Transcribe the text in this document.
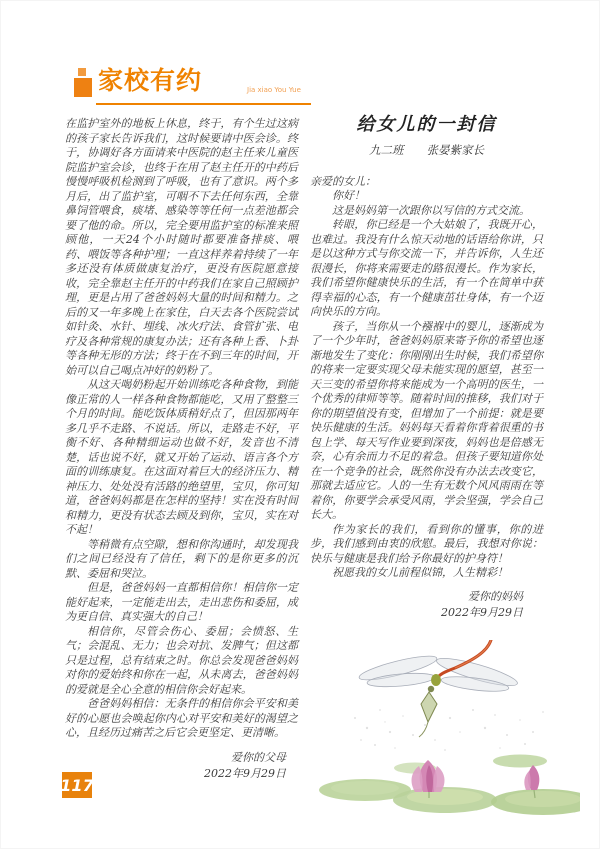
家校有约	Jia xiao You Yue

在监护室外的地板上休息，终于，有个生过这病的孩子家长告诉我们，这时候要请中医会诊。终于，协调好各方面请来中医院的赵主任来儿童医院监护室会诊，也终于在用了赵主任开的中药后慢慢呼吸机检测到了呼吸，也有了意识。两个多月后，出了监护室，可咽不下去任何东西，全靠鼻饲管喂食，痰堵、感染等等任何一点差池都会要了他的命。所以，完全要用监护室的标准来照顾他，一天24个小时随时都要准备排痰、喂药、喂饭等各种护理；一直这样养着持续了一年多还没有体质做康复治疗，更没有医院愿意接收，完全靠赵主任开的中药我们在家自己照顾护理，更是占用了爸爸妈妈大量的时间和精力。之后的又一年多晚上在家住，白天去各个医院尝试如针灸、水针、埋线、冰火疗法、食管扩张、电疗及各种常规的康复办法；还有各种上香、卜卦等各种无形的方法；终于在不到三年的时间，开始可以自己喝点冲好的奶粉了。

从这天喝奶粉起开始训练吃各种食物，到能像正常的人一样各种食物都能吃，又用了整整三个月的时间。能吃饭体质稍好点了，但因那两年多几乎不走路、不说话。所以，走路走不好，平衡不好、各种精细运动也做不好，发音也不清楚，话也说不好，就又开始了运动、语言各个方面的训练康复。在这面对着巨大的经济压力、精神压力、处处没有活路的绝望里，宝贝，你可知道，爸爸妈妈都是在怎样的坚持！实在没有时间和精力，更没有状态去顾及到你，宝贝，实在对不起！

等稍微有点空隙，想和你沟通时，却发现我们之间已经没有了信任，剩下的是你更多的沉默、委屈和哭泣。

但是，爸爸妈妈一直都相信你！相信你一定能好起来，一定能走出去，走出悲伤和委屈，成为更自信、真实强大的自己！

相信你，尽管会伤心、委屈；会愤怒、生气；会混乱、无力；也会对抗、发脾气；但这都只是过程，总有结束之时。你总会发现爸爸妈妈对你的爱始终和你在一起，从未离去，爸爸妈妈的爱就是全心全意的相信你会好起来。

爸爸妈妈相信：无条件的相信你会平安和美好的心愿也会唤起你内心对平安和美好的渴望之心，且经历过痛苦之后它会更坚定、更清晰。

爱你的父母

2022年9月29日

给女儿的一封信
九二班　　张晏紫家长

亲爱的女儿：

你好！

这是妈妈第一次跟你以写信的方式交流。

转眼，你已经是一个大姑娘了，我既开心，也难过。我没有什么惊天动地的话语给你讲，只是以这种方式与你交流一下，并告诉你，人生还很漫长，你将来需要走的路很漫长。作为家长，我们希望你健康快乐的生活，有一个在简单中获得幸福的心态，有一个健康茁壮身体，有一个迈向快乐的方向。

孩子，当你从一个襁褓中的婴儿，逐渐成为了一个少年时，爸爸妈妈原来寄予你的希望也逐渐地发生了变化：你刚刚出生时候，我们希望你的将来一定要实现父母未能实现的愿望，甚至一天三变的希望你将来能成为一个高明的医生，一个优秀的律师等等。随着时间的推移，我们对于你的期望值没有变，但增加了一个前提：就是要快乐健康的生活。妈妈每天看着你背着很重的书包上学、每天写作业要到深夜，妈妈也是倍感无奈，心有余而力不足的着急。但孩子要知道你处在一个竞争的社会，既然你没有办法去改变它，那就去适应它。人的一生有无数个风风雨雨在等着你，你要学会承受风雨，学会坚强，学会自己长大。

作为家长的我们，看到你的懂事，你的进步，我们感到由衷的欣慰。最后，我想对你说：快乐与健康是我们给予你最好的护身符！

祝愿我的女儿前程似锦，人生精彩！

爱你的妈妈

2022年9月29日

117
